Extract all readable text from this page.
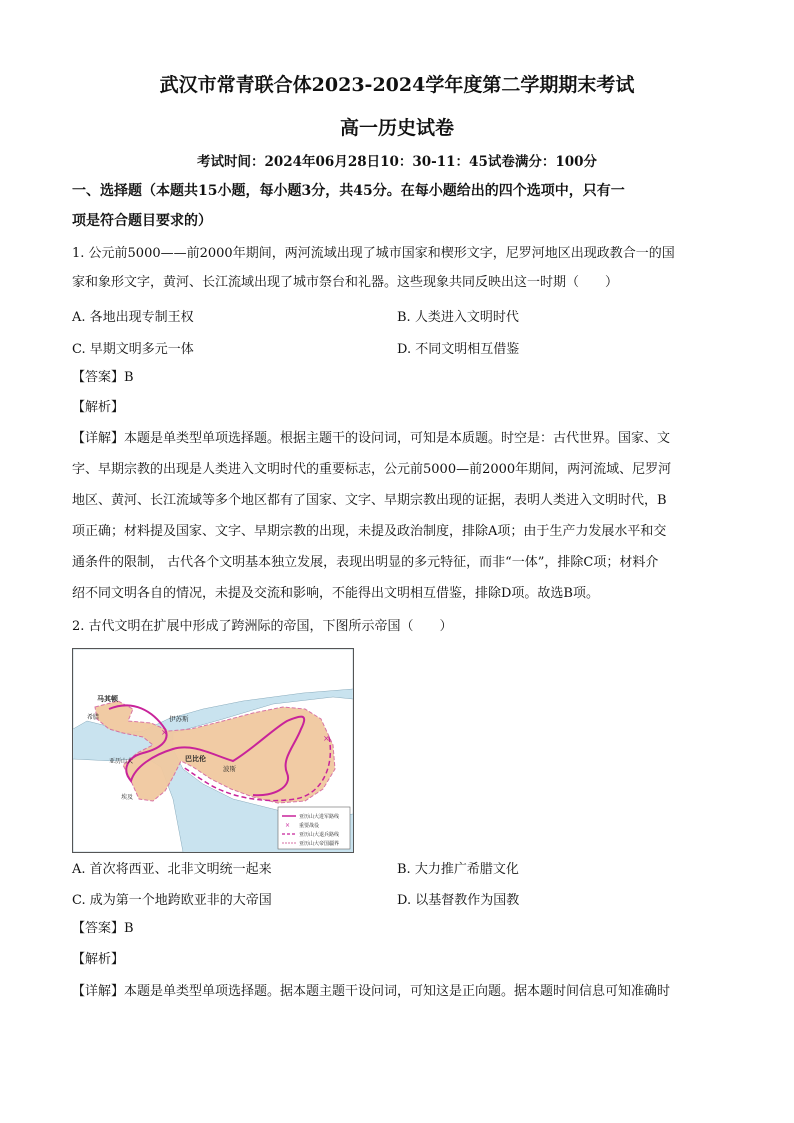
武汉市常青联合体2023-2024学年度第二学期期末考试
高一历史试卷
考试时间：2024年06月28日10：30-11：45试卷满分：100分
一、选择题（本题共15小题，每小题3分，共45分。在每小题给出的四个选项中，只有一
项是符合题目要求的）
1. 公元前5000——前2000年期间，两河流域出现了城市国家和楔形文字，尼罗河地区出现政教合一的国
家和象形文字，黄河、长江流域出现了城市祭台和礼器。这些现象共同反映出这一时期（　　）
A. 各地出现专制王权	B. 人类进入文明时代
C. 早期文明多元一体	D. 不同文明相互借鉴
【答案】B
【解析】
【详解】本题是单类型单项选择题。根据主题干的设问词，可知是本质题。时空是：古代世界。国家、文
字、早期宗教的出现是人类进入文明时代的重要标志，公元前5000—前2000年期间，两河流域、尼罗河
地区、黄河、长江流域等多个地区都有了国家、文字、早期宗教出现的证据，表明人类进入文明时代，B
项正确；材料提及国家、文字、早期宗教的出现，未提及政治制度，排除A项；由于生产力发展水平和交
通条件的限制， 古代各个文明基本独立发展，表现出明显的多元特征，而非“一体”，排除C项；材料介
绍不同文明各自的情况，未提及交流和影响，不能得出文明相互借鉴，排除D项。故选B项。
2. 古代文明在扩展中形成了跨洲际的帝国，下图所示帝国（　　）
×
×
马其顿
希腊	伊苏斯
亚历山大	巴比伦
波斯
埃及
亚历山大进军路线
× 重要战役
亚历山大退兵路线
亚历山大帝国疆界
A. 首次将西亚、北非文明统一起来	B. 大力推广希腊文化
C. 成为第一个地跨欧亚非的大帝国	D. 以基督教作为国教
【答案】B
【解析】
【详解】本题是单类型单项选择题。据本题主题干设问词，可知这是正向题。据本题时间信息可知准确时
